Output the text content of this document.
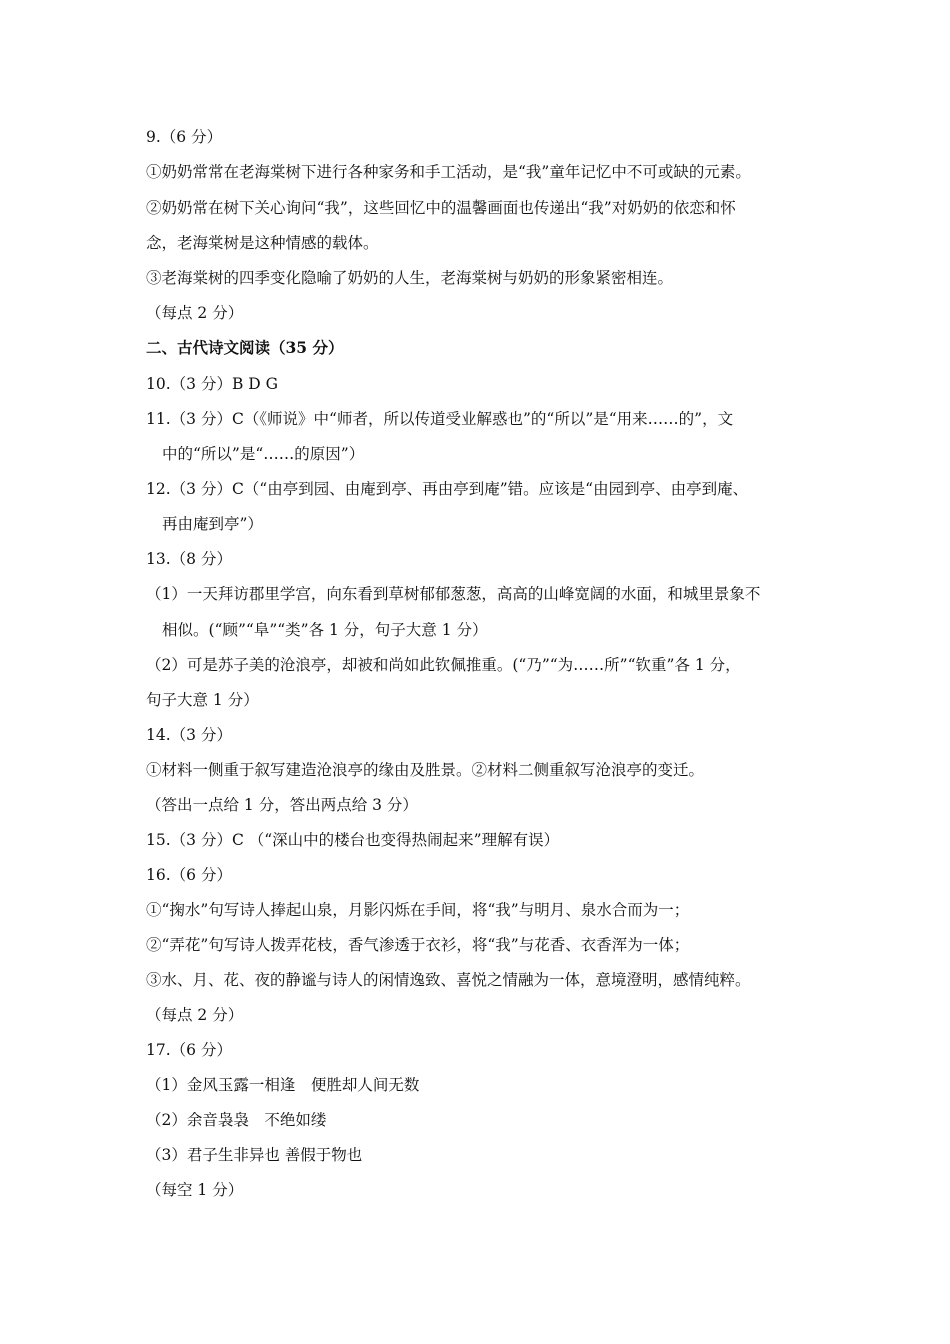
9.（6 分）
①奶奶常常在老海棠树下进行各种家务和手工活动，是“我”童年记忆中不可或缺的元素。
②奶奶常在树下关心询问“我”，这些回忆中的温馨画面也传递出“我”对奶奶的依恋和怀
念，老海棠树是这种情感的载体。
③老海棠树的四季变化隐喻了奶奶的人生，老海棠树与奶奶的形象紧密相连。
（每点 2 分）
二、古代诗文阅读（35 分）
10.（3 分）B D G
11.（3 分）C（《师说》中“师者，所以传道受业解惑也”的“所以”是“用来……的”，文
中的“所以”是“……的原因”）
12.（3 分）C（“由亭到园、由庵到亭、再由亭到庵”错。应该是“由园到亭、由亭到庵、
再由庵到亭”）
13.（8 分）
（1）一天拜访郡里学宫，向东看到草树郁郁葱葱，高高的山峰宽阔的水面，和城里景象不
相似。(“顾”“阜”“类”各 1 分，句子大意 1 分）
（2）可是苏子美的沧浪亭，却被和尚如此钦佩推重。(“乃”“为……所”“钦重”各 1 分，
句子大意 1 分）
14.（3 分）
①材料一侧重于叙写建造沧浪亭的缘由及胜景。②材料二侧重叙写沧浪亭的变迁。
（答出一点给 1 分，答出两点给 3 分）
15.（3 分）C （“深山中的楼台也变得热闹起来”理解有误）
16.（6 分）
①“掬水”句写诗人捧起山泉，月影闪烁在手间，将“我”与明月、泉水合而为一；
②“弄花”句写诗人拨弄花枝，香气渗透于衣衫，将“我”与花香、衣香浑为一体；
③水、月、花、夜的静谧与诗人的闲情逸致、喜悦之情融为一体，意境澄明，感情纯粹。
（每点 2 分）
17.（6 分）
（1）金风玉露一相逢　便胜却人间无数
（2）余音袅袅　不绝如缕
（3）君子生非异也 善假于物也
（每空 1 分）
